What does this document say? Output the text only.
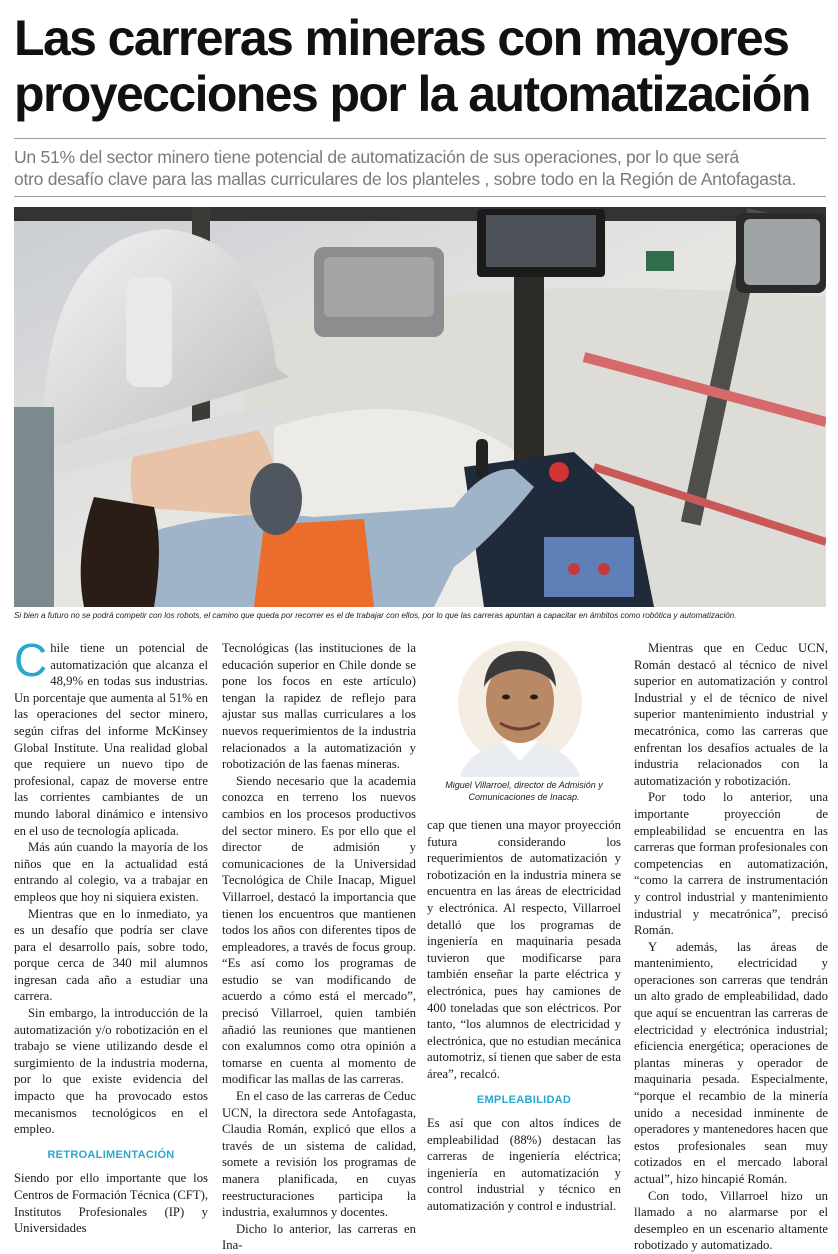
Las carreras mineras con mayores
proyecciones por la automatización
Un 51% del sector minero tiene potencial de automatización de sus operaciones, por lo que será
otro desafío clave para las mallas curriculares de los planteles , sobre todo en la Región de Antofagasta.
Si bien a futuro no se podrá competir con los robots, el camino que queda por recorrer es el de trabajar con ellos, por lo que las carreras apuntan a capacitar en ámbitos como robótica y automatización.

Chile tiene un potencial de automatización que alcanza el 48,9% en todas sus industrias. Un porcentaje que aumenta al 51% en las operaciones del sector minero, según cifras del informe McKinsey Global Institute. Una realidad global que requiere un nuevo tipo de profesional, capaz de moverse entre las corrientes cambiantes de un mundo laboral dinámico e intensivo en el uso de tecnología aplicada.

Más aún cuando la mayoría de los niños que en la actualidad está entrando al colegio, va a trabajar en empleos que hoy ni siquiera existen.

Mientras que en lo inmediato, ya es un desafío que podría ser clave para el desarrollo país, sobre todo, porque cerca de 340 mil alumnos ingresan cada año a estudiar una carrera.

Sin embargo, la introducción de la automatización y/o robotización en el trabajo se viene utilizando desde el surgimiento de la industria moderna, por lo que existe evidencia del impacto que ha provocado estos mecanismos tecnológicos en el empleo.

RETROALIMENTACIÓN

Siendo por ello importante que los Centros de Formación Técnica (CFT), Institutos Profesionales (IP) y Universidades

Tecnológicas (las instituciones de la educación superior en Chile donde se pone los focos en este artículo) tengan la rapidez de reflejo para ajustar sus mallas curriculares a los nuevos requerimientos de la industria relacionados a la automatización y robotización de las faenas mineras.

Siendo necesario que la academia conozca en terreno los nuevos cambios en los procesos productivos del sector minero. Es por ello que el director de admisión y comunicaciones de la Universidad Tecnológica de Chile Inacap, Miguel Villarroel, destacó la importancia que tienen los encuentros que mantienen todos los años con diferentes tipos de empleadores, a través de focus group. “Es así como los programas de estudio se van modificando de acuerdo a cómo está el mercado”, precisó Villarroel, quien también añadió las reuniones que mantienen con exalumnos como otra opinión a tomarse en cuenta al momento de modificar las mallas de las carreras.

En el caso de las carreras de Ceduc UCN, la directora sede Antofagasta, Claudia Román, explicó que ellos a través de un sistema de calidad, somete a revisión los programas de manera planificada, en cuyas reestructuraciones participa la industria, exalumnos y docentes.

Dicho lo anterior, las carreras en Ina-

Miguel Villarroel, director de Admisión y
Comunicaciones de Inacap.

cap que tienen una mayor proyección futura considerando los requerimientos de automatización y robotización en la industria minera se encuentra en las áreas de electricidad y electrónica. Al respecto, Villarroel detalló que los programas de ingeniería en maquinaria pesada tuvieron que modificarse para también enseñar la parte eléctrica y electrónica, pues hay camiones de 400 toneladas que son eléctricos. Por tanto, “los alumnos de electricidad y electrónica, que no estudian mecánica automotriz, sí tienen que saber de esta área”, recalcó.

EMPLEABILIDAD

Es así que con altos índices de empleabilidad (88%) destacan las carreras de ingeniería eléctrica; ingeniería en automatización y control industrial y técnico en automatización y control e industrial.

Mientras que en Ceduc UCN, Román destacó al técnico de nivel superior en automatización y control Industrial y el de técnico de nivel superior mantenimiento industrial y mecatrónica, como las carreras que enfrentan los desafíos actuales de la industria relacionados con la automatización y robotización.

Por todo lo anterior, una importante proyección de empleabilidad se encuentra en las carreras que forman profesionales con competencias en automatización, “como la carrera de instrumentación y control industrial y mantenimiento industrial y mecatrónica”, precisó Román.

Y además, las áreas de mantenimiento, electricidad y operaciones son carreras que tendrán un alto grado de empleabilidad, dado que aquí se encuentran las carreras de electricidad y electrónica industrial; eficiencia energética; operaciones de plantas mineras y operador de maquinaria pesada. Especialmente, “porque el recambio de la minería unido a necesidad inminente de operadores y mantenedores hacen que estos profesionales sean muy cotizados en el mercado laboral actual”, hizo hincapié Román.

Con todo, Villarroel hizo un llamado a no alarmarse por el desempleo en un escenario altamente robotizado y automatizado.
